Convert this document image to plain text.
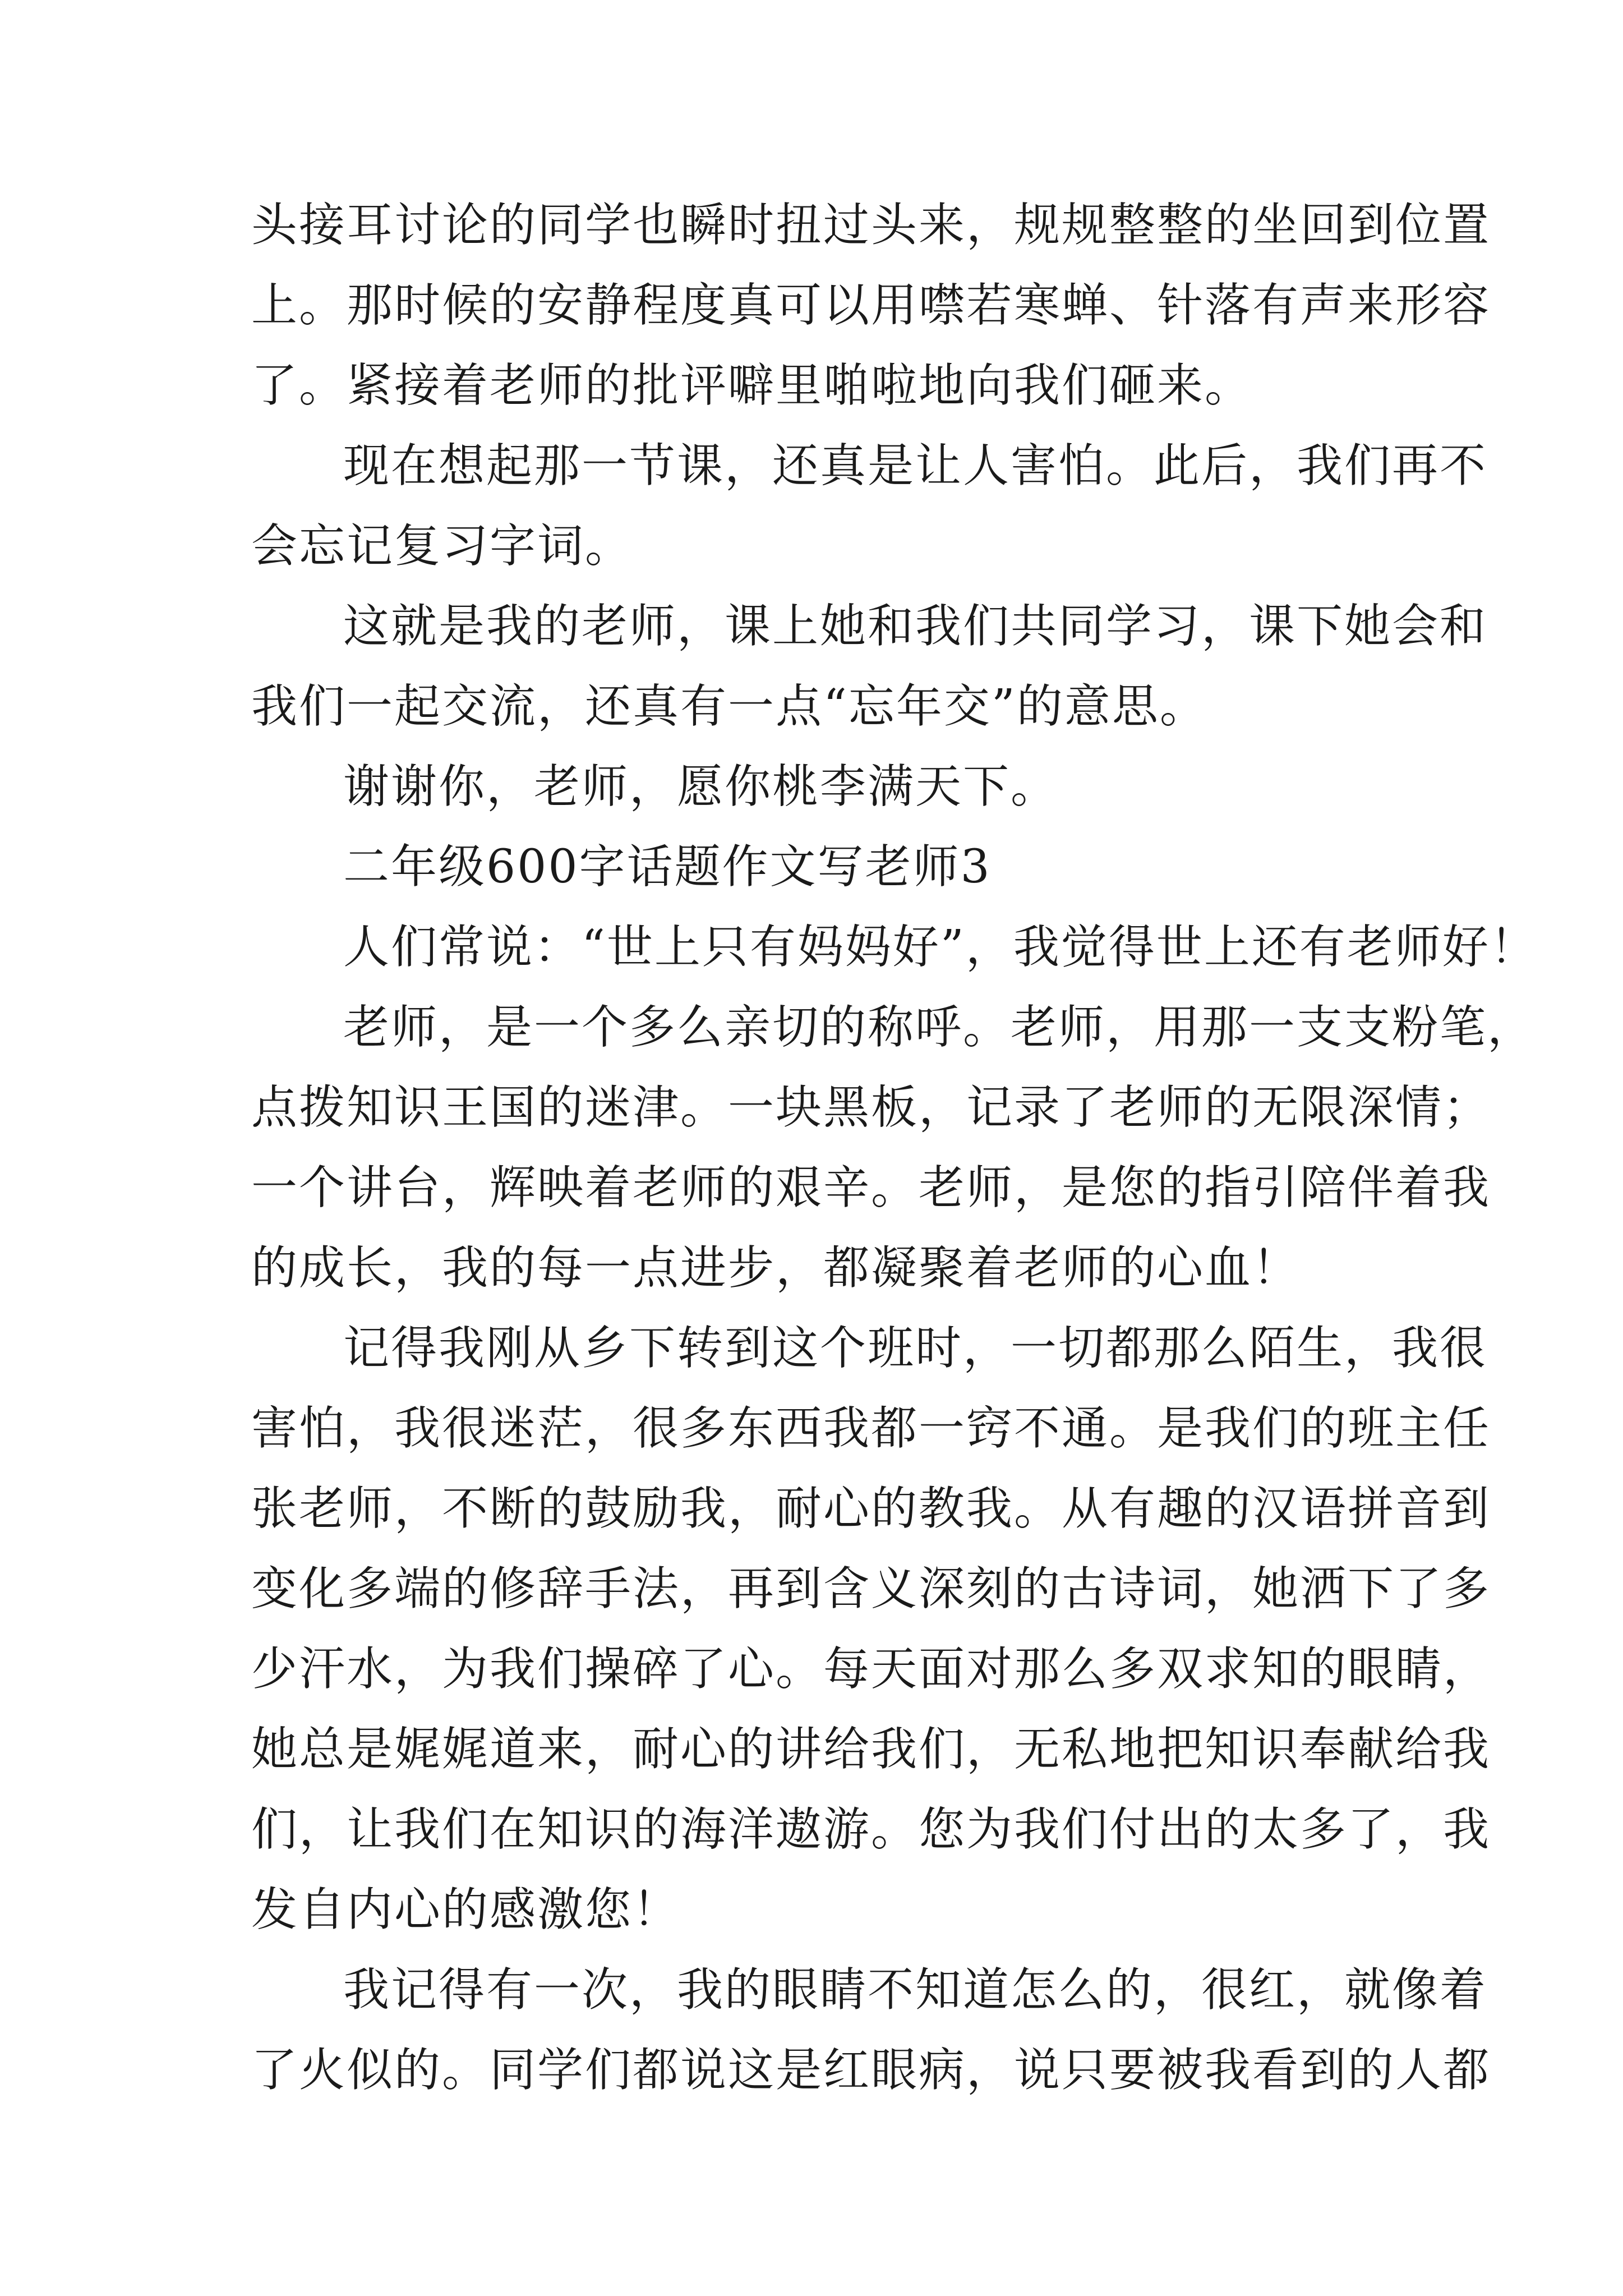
头接耳讨论的同学也瞬时扭过头来，规规整整的坐回到位置
上。那时候的安静程度真可以用噤若寒蝉、针落有声来形容
了。紧接着老师的批评噼里啪啦地向我们砸来。
现在想起那一节课，还真是让人害怕。此后，我们再不
会忘记复习字词。
这就是我的老师，课上她和我们共同学习，课下她会和
我们一起交流，还真有一点“忘年交”的意思。
谢谢你，老师，愿你桃李满天下。
二年级600字话题作文写老师3
人们常说：“世上只有妈妈好”，我觉得世上还有老师好！
老师，是一个多么亲切的称呼。老师，用那一支支粉笔，
点拨知识王国的迷津。一块黑板，记录了老师的无限深情；
一个讲台，辉映着老师的艰辛。老师，是您的指引陪伴着我
的成长，我的每一点进步，都凝聚着老师的心血！
记得我刚从乡下转到这个班时，一切都那么陌生，我很
害怕，我很迷茫，很多东西我都一窍不通。是我们的班主任
张老师，不断的鼓励我，耐心的教我。从有趣的汉语拼音到
变化多端的修辞手法，再到含义深刻的古诗词，她洒下了多
少汗水，为我们操碎了心。每天面对那么多双求知的眼睛，
她总是娓娓道来，耐心的讲给我们，无私地把知识奉献给我
们，让我们在知识的海洋遨游。您为我们付出的太多了，我
发自内心的感激您！
我记得有一次，我的眼睛不知道怎么的，很红，就像着
了火似的。同学们都说这是红眼病，说只要被我看到的人都
